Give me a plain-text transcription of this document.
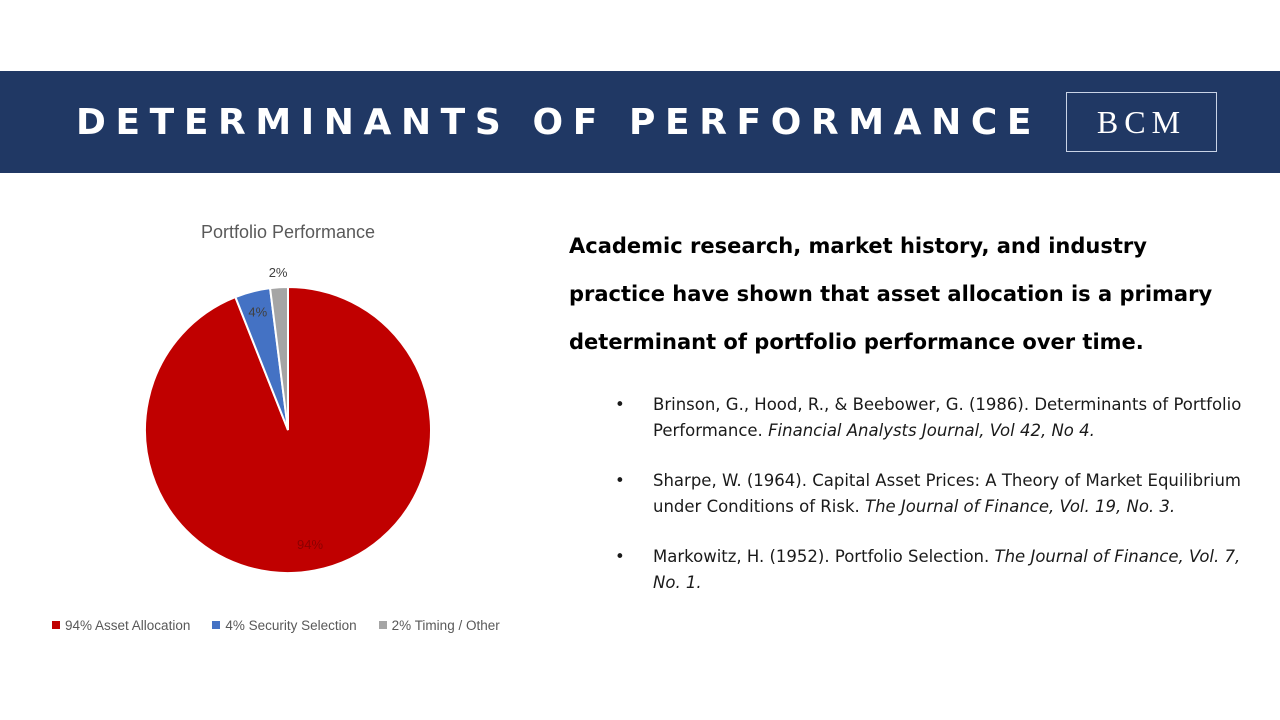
DETERMINANTS OF PERFORMANCE BCM
Portfolio Performance
94%
4%
2%
94% Asset Allocation	4% Security Selection	2% Timing / Other
Academic research, market history, and industry practice have shown that asset allocation is a primary determinant of portfolio performance over time.
• Brinson, G., Hood, R., & Beebower, G. (1986). Determinants of Portfolio Performance. Financial Analysts Journal, Vol 42, No 4.
• Sharpe, W. (1964). Capital Asset Prices: A Theory of Market Equilibrium under Conditions of Risk. The Journal of Finance, Vol. 19, No. 3.
• Markowitz, H. (1952). Portfolio Selection. The Journal of Finance, Vol. 7, No. 1.
